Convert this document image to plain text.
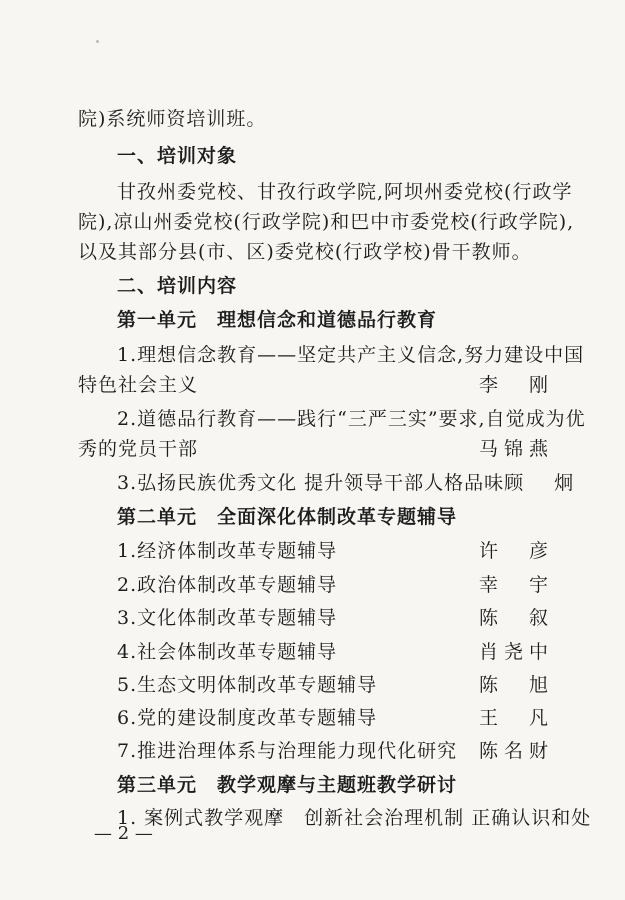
院)系统师资培训班。
一、培训对象
甘孜州委党校、甘孜行政学院,阿坝州委党校(行政学
院),凉山州委党校(行政学院)和巴中市委党校(行政学院),
以及其部分县(市、区)委党校(行政学校)骨干教师。
二、培训内容
第一单元　理想信念和道德品行教育
1.理想信念教育——坚定共产主义信念,努力建设中国
特色社会主义	李　刚
2.道德品行教育——践行“三严三实”要求,自觉成为优
秀的党员干部	马锦燕
3.弘扬民族优秀文化 提升领导干部人格品味 顾　炯
第二单元　全面深化体制改革专题辅导
1.经济体制改革专题辅导	许　彦
2.政治体制改革专题辅导	幸　宇
3.文化体制改革专题辅导	陈　叙
4.社会体制改革专题辅导	肖尧中
5.生态文明体制改革专题辅导	陈　旭
6.党的建设制度改革专题辅导	王　凡
7.推进治理体系与治理能力现代化研究 陈名财
第三单元　教学观摩与主题班教学研讨
1. 案例式教学观摩　创新社会治理机制 正确认识和处
— 2 —
